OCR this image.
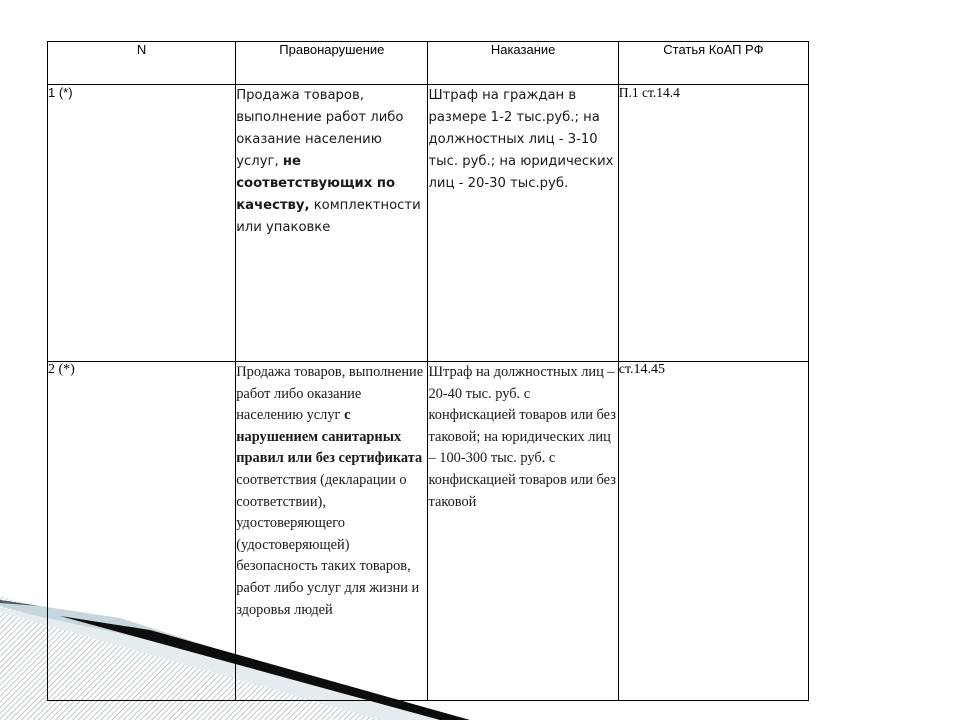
N	Правонарушение	Наказание	Статья КоАП РФ
1 (*)	Продажа товаров, выполнение работ либо оказание населению услуг, не соответствующих по качеству, комплектности или упаковке	Штраф на граждан в размере 1-2 тыс.руб.; на должностных лиц - 3-10 тыс. руб.; на юридических лиц - 20-30 тыс.руб.	П.1 ст.14.4
2 (*)	Продажа товаров, выполнение работ либо оказание населению услуг с нарушением санитарных правил или без сертификата соответствия (декларации о соответствии), удостоверяющего (удостоверяющей) безопасность таких товаров, работ либо услуг для жизни и здоровья людей	Штраф на должностных лиц – 20-40 тыс. руб. с конфискацией товаров или без таковой; на юридических лиц – 100-300 тыс. руб. с конфискацией товаров или без таковой	ст.14.45
